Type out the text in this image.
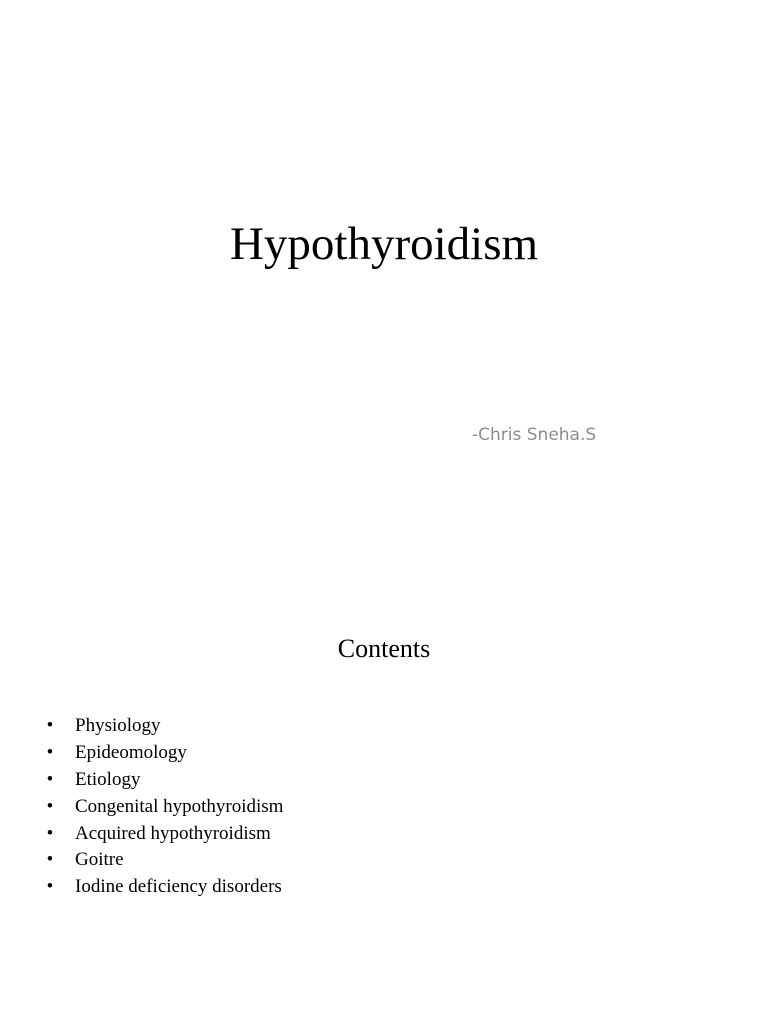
Hypothyroidism

-Chris Sneha.S

Contents
• Physiology
• Epideomology
• Etiology
• Congenital hypothyroidism
• Acquired hypothyroidism
• Goitre
• Iodine deficiency disorders
